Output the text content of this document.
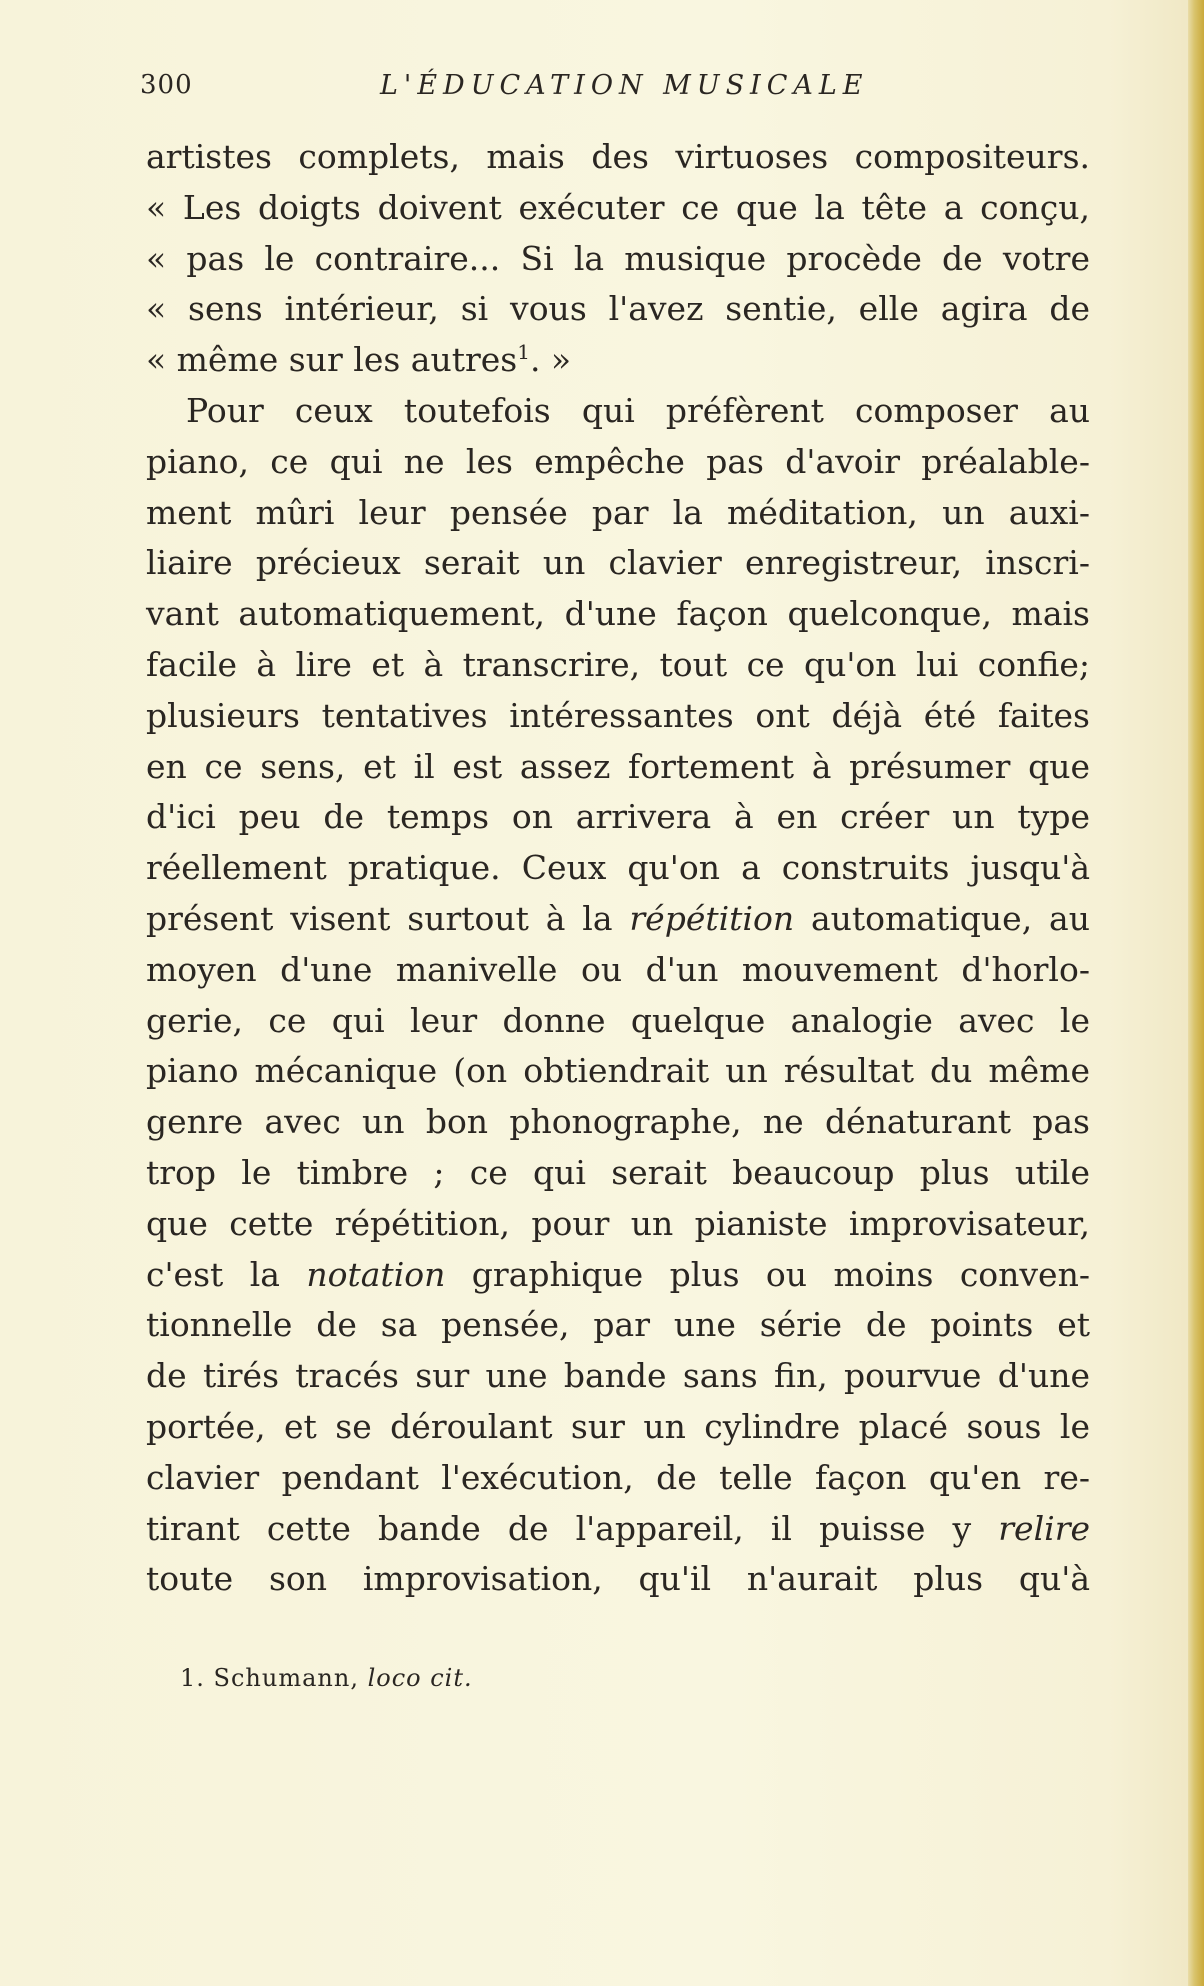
300	L'ÉDUCATION MUSICALE
artistes complets, mais des virtuoses compositeurs.
« Les doigts doivent exécuter ce que la tête a conçu,
« pas le contraire... Si la musique procède de votre
« sens intérieur, si vous l'avez sentie, elle agira de
« même sur les autres$^1$. »
Pour ceux toutefois qui préfèrent composer au
piano, ce qui ne les empêche pas d'avoir préalable-
ment mûri leur pensée par la méditation, un auxi-
liaire précieux serait un clavier enregistreur, inscri-
vant automatiquement, d'une façon quelconque, mais
facile à lire et à transcrire, tout ce qu'on lui confie;
plusieurs tentatives intéressantes ont déjà été faites
en ce sens, et il est assez fortement à présumer que
d'ici peu de temps on arrivera à en créer un type
réellement pratique. Ceux qu'on a construits jusqu'à
présent visent surtout à la répétition automatique, au
moyen d'une manivelle ou d'un mouvement d'horlo-
gerie, ce qui leur donne quelque analogie avec le
piano mécanique (on obtiendrait un résultat du même
genre avec un bon phonographe, ne dénaturant pas
trop le timbre ; ce qui serait beaucoup plus utile
que cette répétition, pour un pianiste improvisateur,
c'est la notation graphique plus ou moins conven-
tionnelle de sa pensée, par une série de points et
de tirés tracés sur une bande sans fin, pourvue d'une
portée, et se déroulant sur un cylindre placé sous le
clavier pendant l'exécution, de telle façon qu'en re-
tirant cette bande de l'appareil, il puisse y relire
toute son improvisation, qu'il n'aurait plus qu'à
1. Schumann, loco cit.
